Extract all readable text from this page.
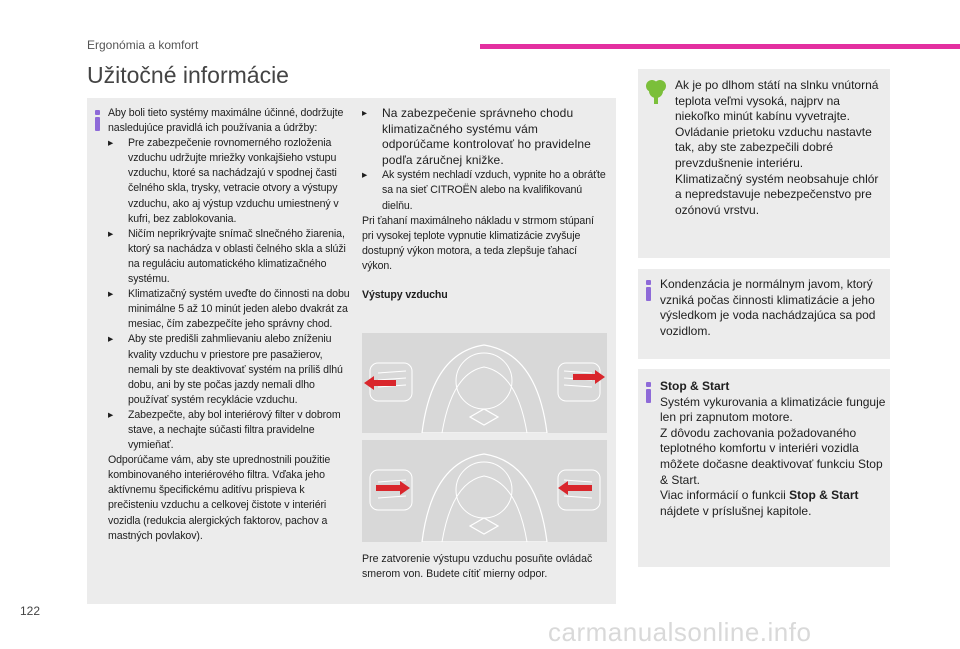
Ergonómia a komfort
Užitočné informácie

Aby boli tieto systémy maximálne účinné, dodržujte nasledujúce pravidlá ich používania a údržby:

▸ Pre zabezpečenie rovnomerného rozloženia vzduchu udržujte mriežky vonkajšieho vstupu vzduchu, ktoré sa nachádzajú v spodnej časti čelného skla, trysky, vetracie otvory a výstupy vzduchu, ako aj výstup vzduchu umiestnený v kufri, bez zablokovania.

▸ Ničím neprikrývajte snímač slnečného žiarenia, ktorý sa nachádza v oblasti čelného skla a slúži na reguláciu automatického klimatizačného systému.

▸ Klimatizačný systém uveďte do činnosti na dobu minimálne 5 až 10 minút jeden alebo dvakrát za mesiac, čím zabezpečíte jeho správny chod.

▸ Aby ste predišli zahmlievaniu alebo zníženiu kvality vzduchu v priestore pre pasažierov, nemali by ste deaktivovať systém na príliš dlhú dobu, ani by ste počas jazdy nemali dlho používať systém recyklácie vzduchu.

▸ Zabezpečte, aby bol interiérový filter v dobrom stave, a nechajte súčasti filtra pravidelne vymieňať.

Odporúčame vám, aby ste uprednostnili použitie kombinovaného interiérového filtra. Vďaka jeho aktívnemu špecifickému aditívu prispieva k prečisteniu vzduchu a celkovej čistote v interiéri vozidla (redukcia alergických faktorov, pachov a mastných povlakov).

▸ Na zabezpečenie správneho chodu klimatizačného systému vám odporúčame kontrolovať ho pravidelne podľa záručnej knižke.

▸ Ak systém nechladí vzduch, vypnite ho a obráťte sa na sieť CITROËN alebo na kvalifikovanú dielňu.

Pri ťahaní maximálneho nákladu v strmom stúpaní pri vysokej teplote vypnutie klimatizácie zvyšuje dostupný výkon motora, a teda zlepšuje ťahací výkon.

Výstupy vzduchu

Pre zatvorenie výstupu vzduchu posuňte ovládač smerom von. Budete cítiť mierny odpor.

Ak je po dlhom státí na slnku vnútorná teplota veľmi vysoká, najprv na niekoľko minút kabínu vyvetrajte.
Ovládanie prietoku vzduchu nastavte tak, aby ste zabezpečili dobré prevzdušnenie interiéru.
Klimatizačný systém neobsahuje chlór a nepredstavuje nebezpečenstvo pre ozónovú vrstvu.

Kondenzácia je normálnym javom, ktorý vzniká počas činnosti klimatizácie a jeho výsledkom je voda nachádzajúca sa pod vozidlom.

Stop & Start
Systém vykurovania a klimatizácie funguje len pri zapnutom motore.
Z dôvodu zachovania požadovaného teplotného komfortu v interiéri vozidla môžete dočasne deaktivovať funkciu Stop & Start.
Viac informácií o funkcii Stop & Start nájdete v príslušnej kapitole.
122
carmanualsonline.info
